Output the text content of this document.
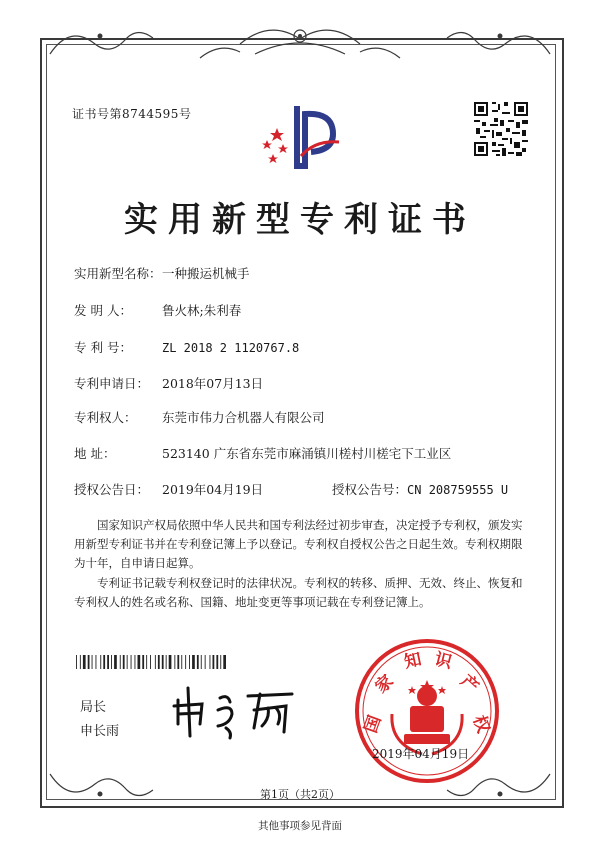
证书号第8744595号
实用新型专利证书
实用新型名称：一种搬运机械手
发 明 人： 鲁火林;朱利春
专 利 号：	ZL 2018 2 1120767.8
专利申请日： 2018年07月13日
专利权人： 东莞市伟力合机器人有限公司
地 址：	523140 广东省东莞市麻涌镇川槎村川槎宅下工业区
授权公告日： 2019年04月19日	授权公告号：CN 208759555 U
国家知识产权局依照中华人民共和国专利法经过初步审查，决定授予专利权，颁发实用新型专利证书并在专利登记簿上予以登记。专利权自授权公告之日起生效。专利权期限为十年，自申请日起算。
专利证书记载专利权登记时的法律状况。专利权的转移、质押、无效、终止、恢复和专利权人的姓名或名称、国籍、地址变更等事项记载在专利登记簿上。
局长
申长雨	国
家
知 识
产
权
2019年04月19日
第1页（共2页）
其他事项参见背面
